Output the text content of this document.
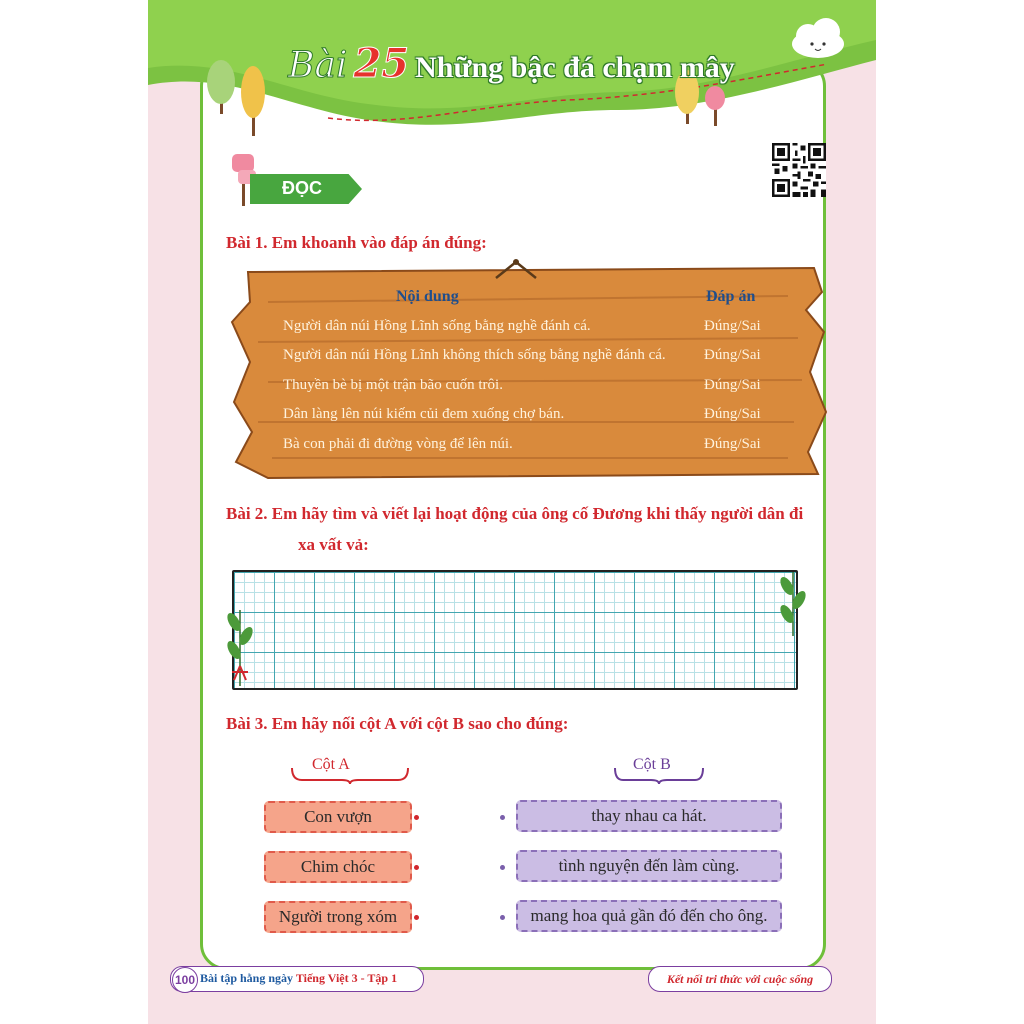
Bài 25 Những bậc đá chạm mây
ĐỌC
Bài 1. Em khoanh vào đáp án đúng:
Nội dung	Đáp án
Người dân núi Hồng Lĩnh sống bằng nghề đánh cá.	Đúng/Sai
Người dân núi Hồng Lĩnh không thích sống bằng nghề đánh cá.	Đúng/Sai
Thuyền bè bị một trận bão cuốn trôi.	Đúng/Sai
Dân làng lên núi kiếm củi đem xuống chợ bán.	Đúng/Sai
Bà con phải đi đường vòng để lên núi.	Đúng/Sai
Bài 2. Em hãy tìm và viết lại hoạt động của ông cố Đương khi thấy người dân đi
xa vất vả:
Bài 3. Em hãy nối cột A với cột B sao cho đúng:
Cột A	Cột B
Con vượn
Chim chóc
Người trong xóm
thay nhau ca hát.
tình nguyện đến làm cùng.
mang hoa quả gần đó đến cho ông.
100 Bài tập hằng ngày Tiếng Việt 3 - Tập 1	Kết nối tri thức với cuộc sống
